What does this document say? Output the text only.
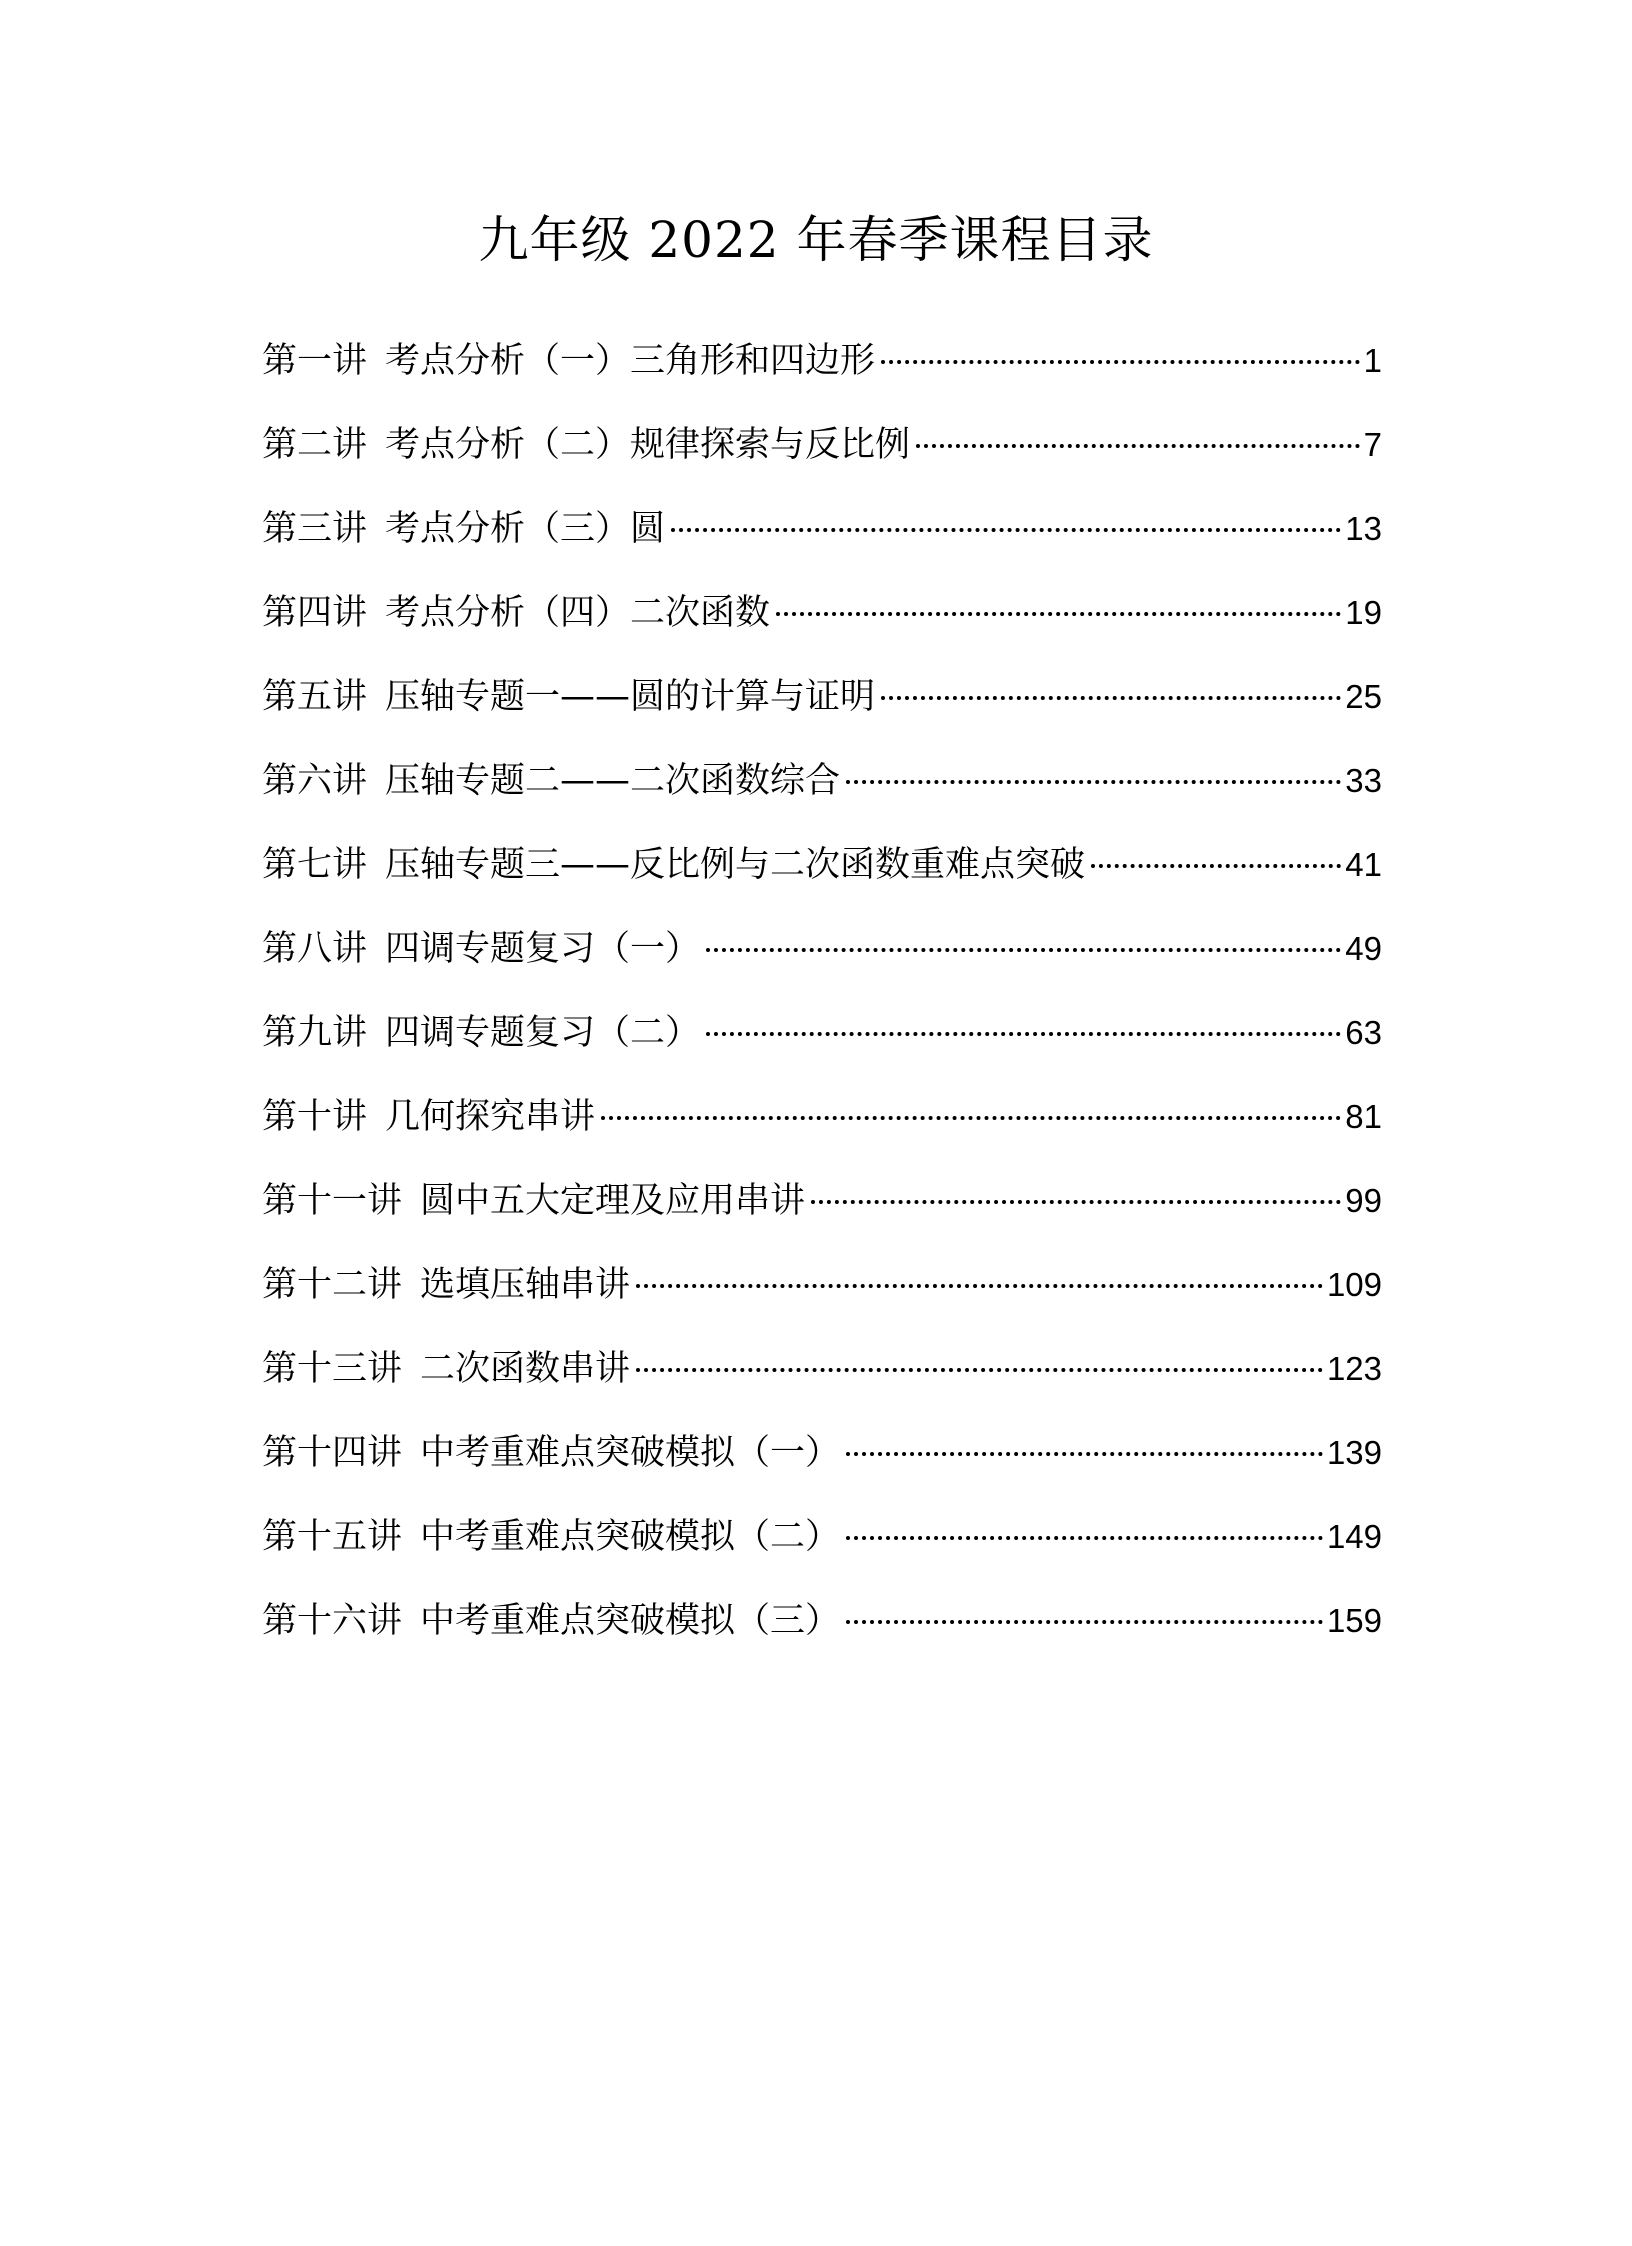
九年级 2022 年春季课程目录
第一讲 考点分析（一）三角形和四边形	1
第二讲 考点分析（二）规律探索与反比例	7
第三讲 考点分析（三）圆	13
第四讲 考点分析（四）二次函数	19
第五讲 压轴专题一——圆的计算与证明	25
第六讲 压轴专题二——二次函数综合	33
第七讲 压轴专题三——反比例与二次函数重难点突破	41
第八讲 四调专题复习（一）	49
第九讲 四调专题复习（二）	63
第十讲 几何探究串讲	81
第十一讲 圆中五大定理及应用串讲	99
第十二讲 选填压轴串讲	109
第十三讲 二次函数串讲	123
第十四讲 中考重难点突破模拟（一）	139
第十五讲 中考重难点突破模拟（二）	149
第十六讲 中考重难点突破模拟（三）	159
